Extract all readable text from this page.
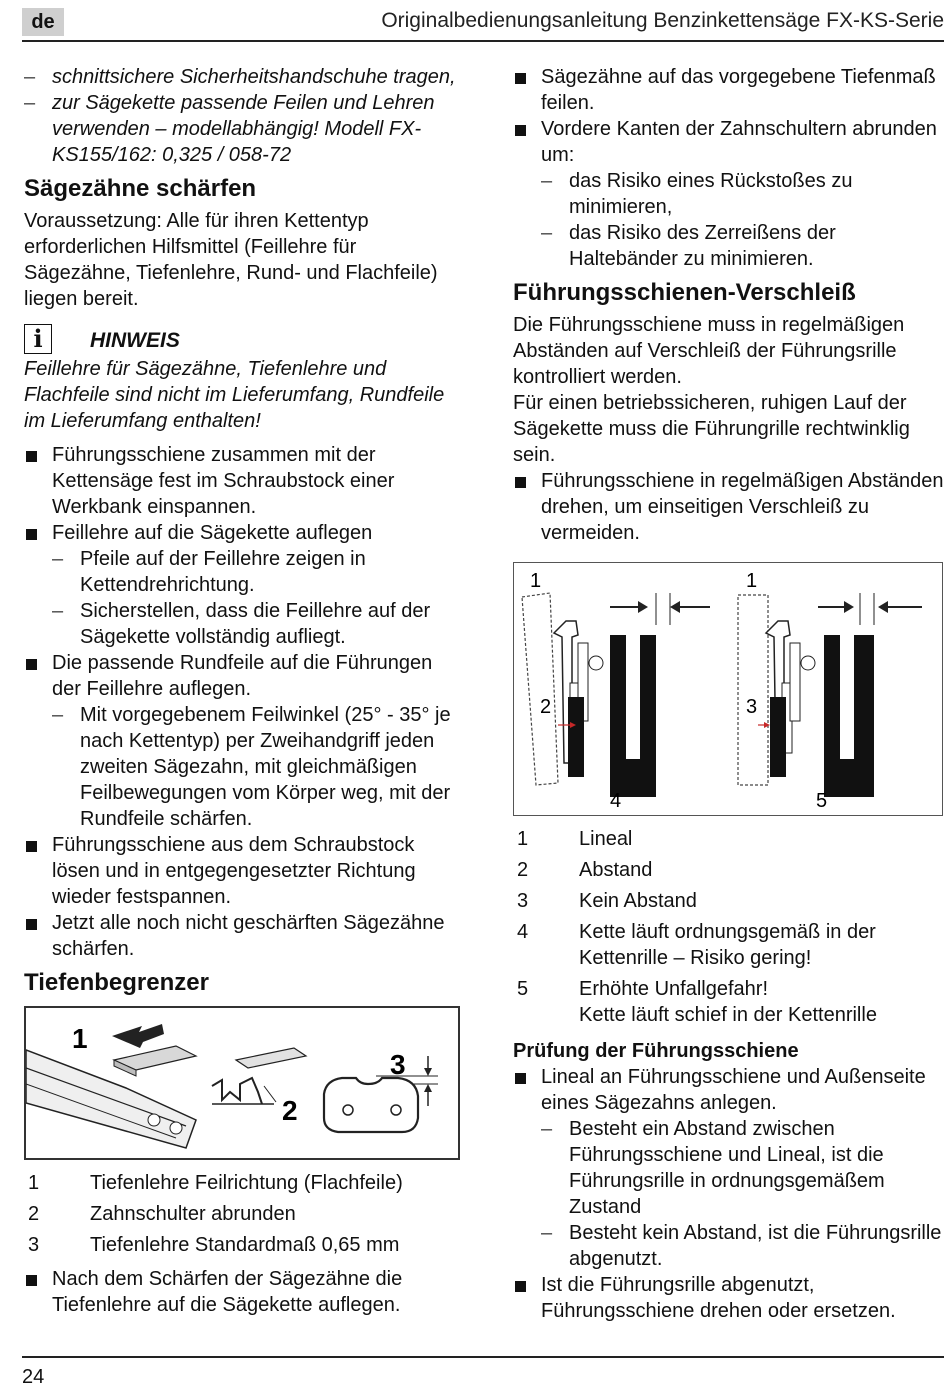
de	Originalbedienungsanleitung Benzinkettensäge FX-KS-Serie
– schnittsichere Sicherheitshandschuhe tragen,
– zur Sägekette passende Feilen und Lehren verwenden – modellabhängig! Modell FX-KS155/162: 0,325 / 058-72
Sägezähne schärfen

Voraussetzung: Alle für ihren Kettentyp erforderlichen Hilfsmittel (Feillehre für Sägezähne, Tiefenlehre, Rund- und Flachfeile) liegen bereit.

i	HINWEIS

Feillehre für Sägezähne, Tiefenlehre und Flachfeile sind nicht im Lieferumfang, Rundfeile im Lieferumfang enthalten!

Führungsschiene zusammen mit der Kettensäge fest im Schraubstock einer Werkbank einspannen.
Feillehre auf die Sägekette auflegen
– Pfeile auf der Feillehre zeigen in Kettendrehrichtung.
– Sicherstellen, dass die Feillehre auf der Sägekette vollständig aufliegt.
Die passende Rundfeile auf die Führungen der Feillehre auflegen.
– Mit vorgegebenem Feilwinkel (25° - 35° je nach Kettentyp) per Zweihandgriff jeden zweiten Sägezahn, mit gleichmäßigen Feilbewegungen vom Körper weg, mit der Rundfeile schärfen.
Führungsschiene aus dem Schraubstock lösen und in entgegengesetzter Richtung wieder festspannen.
Jetzt alle noch nicht geschärften Sägezähne schärfen.
Tiefenbegrenzer
1
2
3
1	Tiefenlehre Feilrichtung (Flachfeile)
2	Zahnschulter abrunden
3	Tiefenlehre Standardmaß 0,65 mm
Nach dem Schärfen der Sägezähne die Tiefenlehre auf die Sägekette auflegen.
Sägezähne auf das vorgegebene Tiefenmaß feilen.
Vordere Kanten der Zahnschultern abrunden um:
– das Risiko eines Rückstoßes zu minimieren,
– das Risiko des Zerreißens der Haltebänder zu minimieren.
Führungsschienen-Verschleiß

Die Führungsschiene muss in regelmäßigen Abständen auf Verschleiß der Führungsrille kontrolliert werden.

Für einen betriebssicheren, ruhigen Lauf der Sägekette muss die Führungrille rechtwinklig sein.

Führungsschiene in regelmäßigen Abständen drehen, um einseitigen Verschleiß zu vermeiden.
1
2
4
1
3
5
1	Lineal
2	Abstand
3	Kein Abstand
4	Kette läuft ordnungsgemäß in der Kettenrille – Risiko gering!
5	Erhöhte Unfallgefahr!
Kette läuft schief in der Kettenrille
Prüfung der Führungsschiene
Lineal an Führungsschiene und Außenseite eines Sägezahns anlegen.
– Besteht ein Abstand zwischen Führungsschiene und Lineal, ist die Führungsrille in ordnungsgemäßem Zustand
– Besteht kein Abstand, ist die Führungsrille abgenutzt.
Ist die Führungsrille abgenutzt, Führungsschiene drehen oder ersetzen.
24
